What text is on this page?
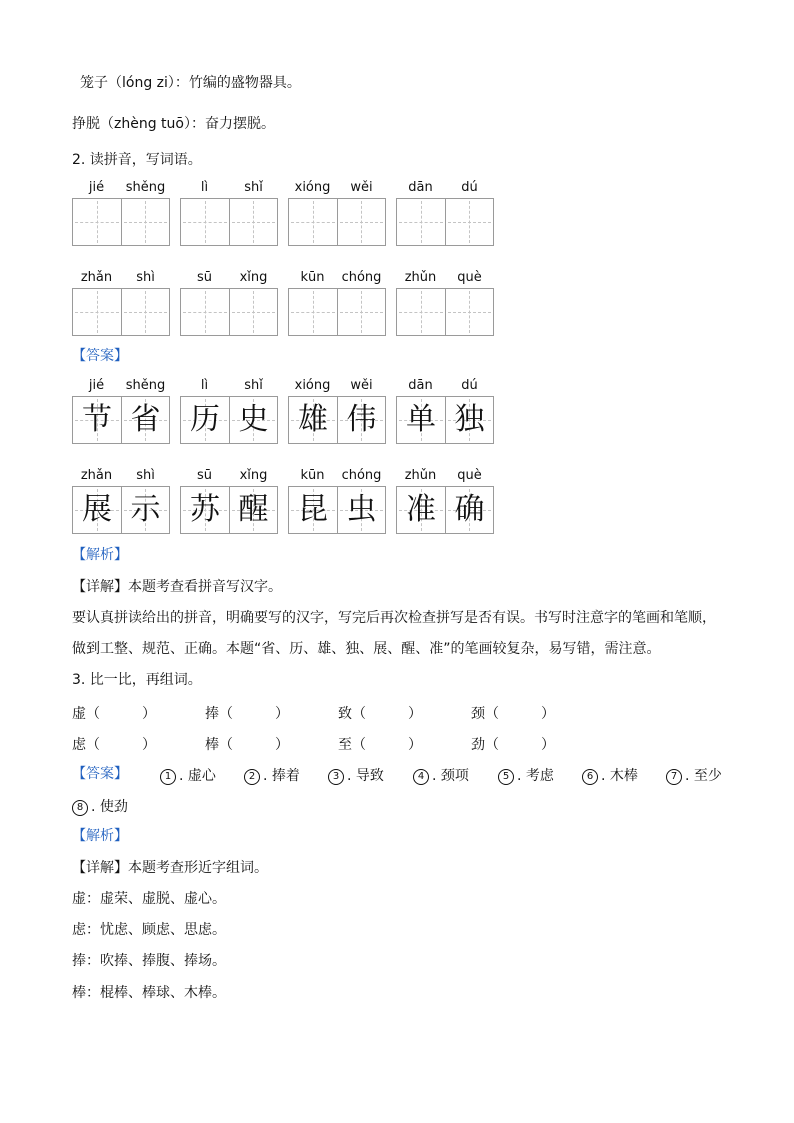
笼子（lóng zi）：竹编的盛物器具。
挣脱（zhèng tuō）：奋力摆脱。
2. 读拼音，写词语。
jié	shěng	lì	shǐ	xióng	wěi	dān	dú
zhǎn	shì	sū	xǐng	kūn	chóng	zhǔn	què
【答案】
jié	shěng	lì	shǐ	xióng	wěi	dān	dú
节 省 历 史 雄 伟 单 独
zhǎn	shì	sū	xǐng	kūn	chóng	zhǔn	què
展 示 苏 醒 昆 虫 准 确
【解析】
【详解】本题考查看拼音写汉字。
要认真拼读给出的拼音，明确要写的汉字，写完后再次检查拼写是否有误。书写时注意字的笔画和笔顺，
做到工整、规范、正确。本题“省、历、雄、独、展、醒、准”的笔画较复杂，易写错，需注意。
3. 比一比，再组词。
虚（　　　）	捧（　　　）	致（　　　）	颈（　　　）
虑（　　　）	棒（　　　）	至（　　　）	劲（　　　）
【答案】	1 . 虚心	2 . 捧着	3 . 导致	4 . 颈项	5 . 考虑	6 . 木棒	7 . 至少
8 . 使劲
【解析】
【详解】本题考查形近字组词。
虚：虚荣、虚脱、虚心。
虑：忧虑、顾虑、思虑。
捧：吹捧、捧腹、捧场。
棒：棍棒、棒球、木棒。
